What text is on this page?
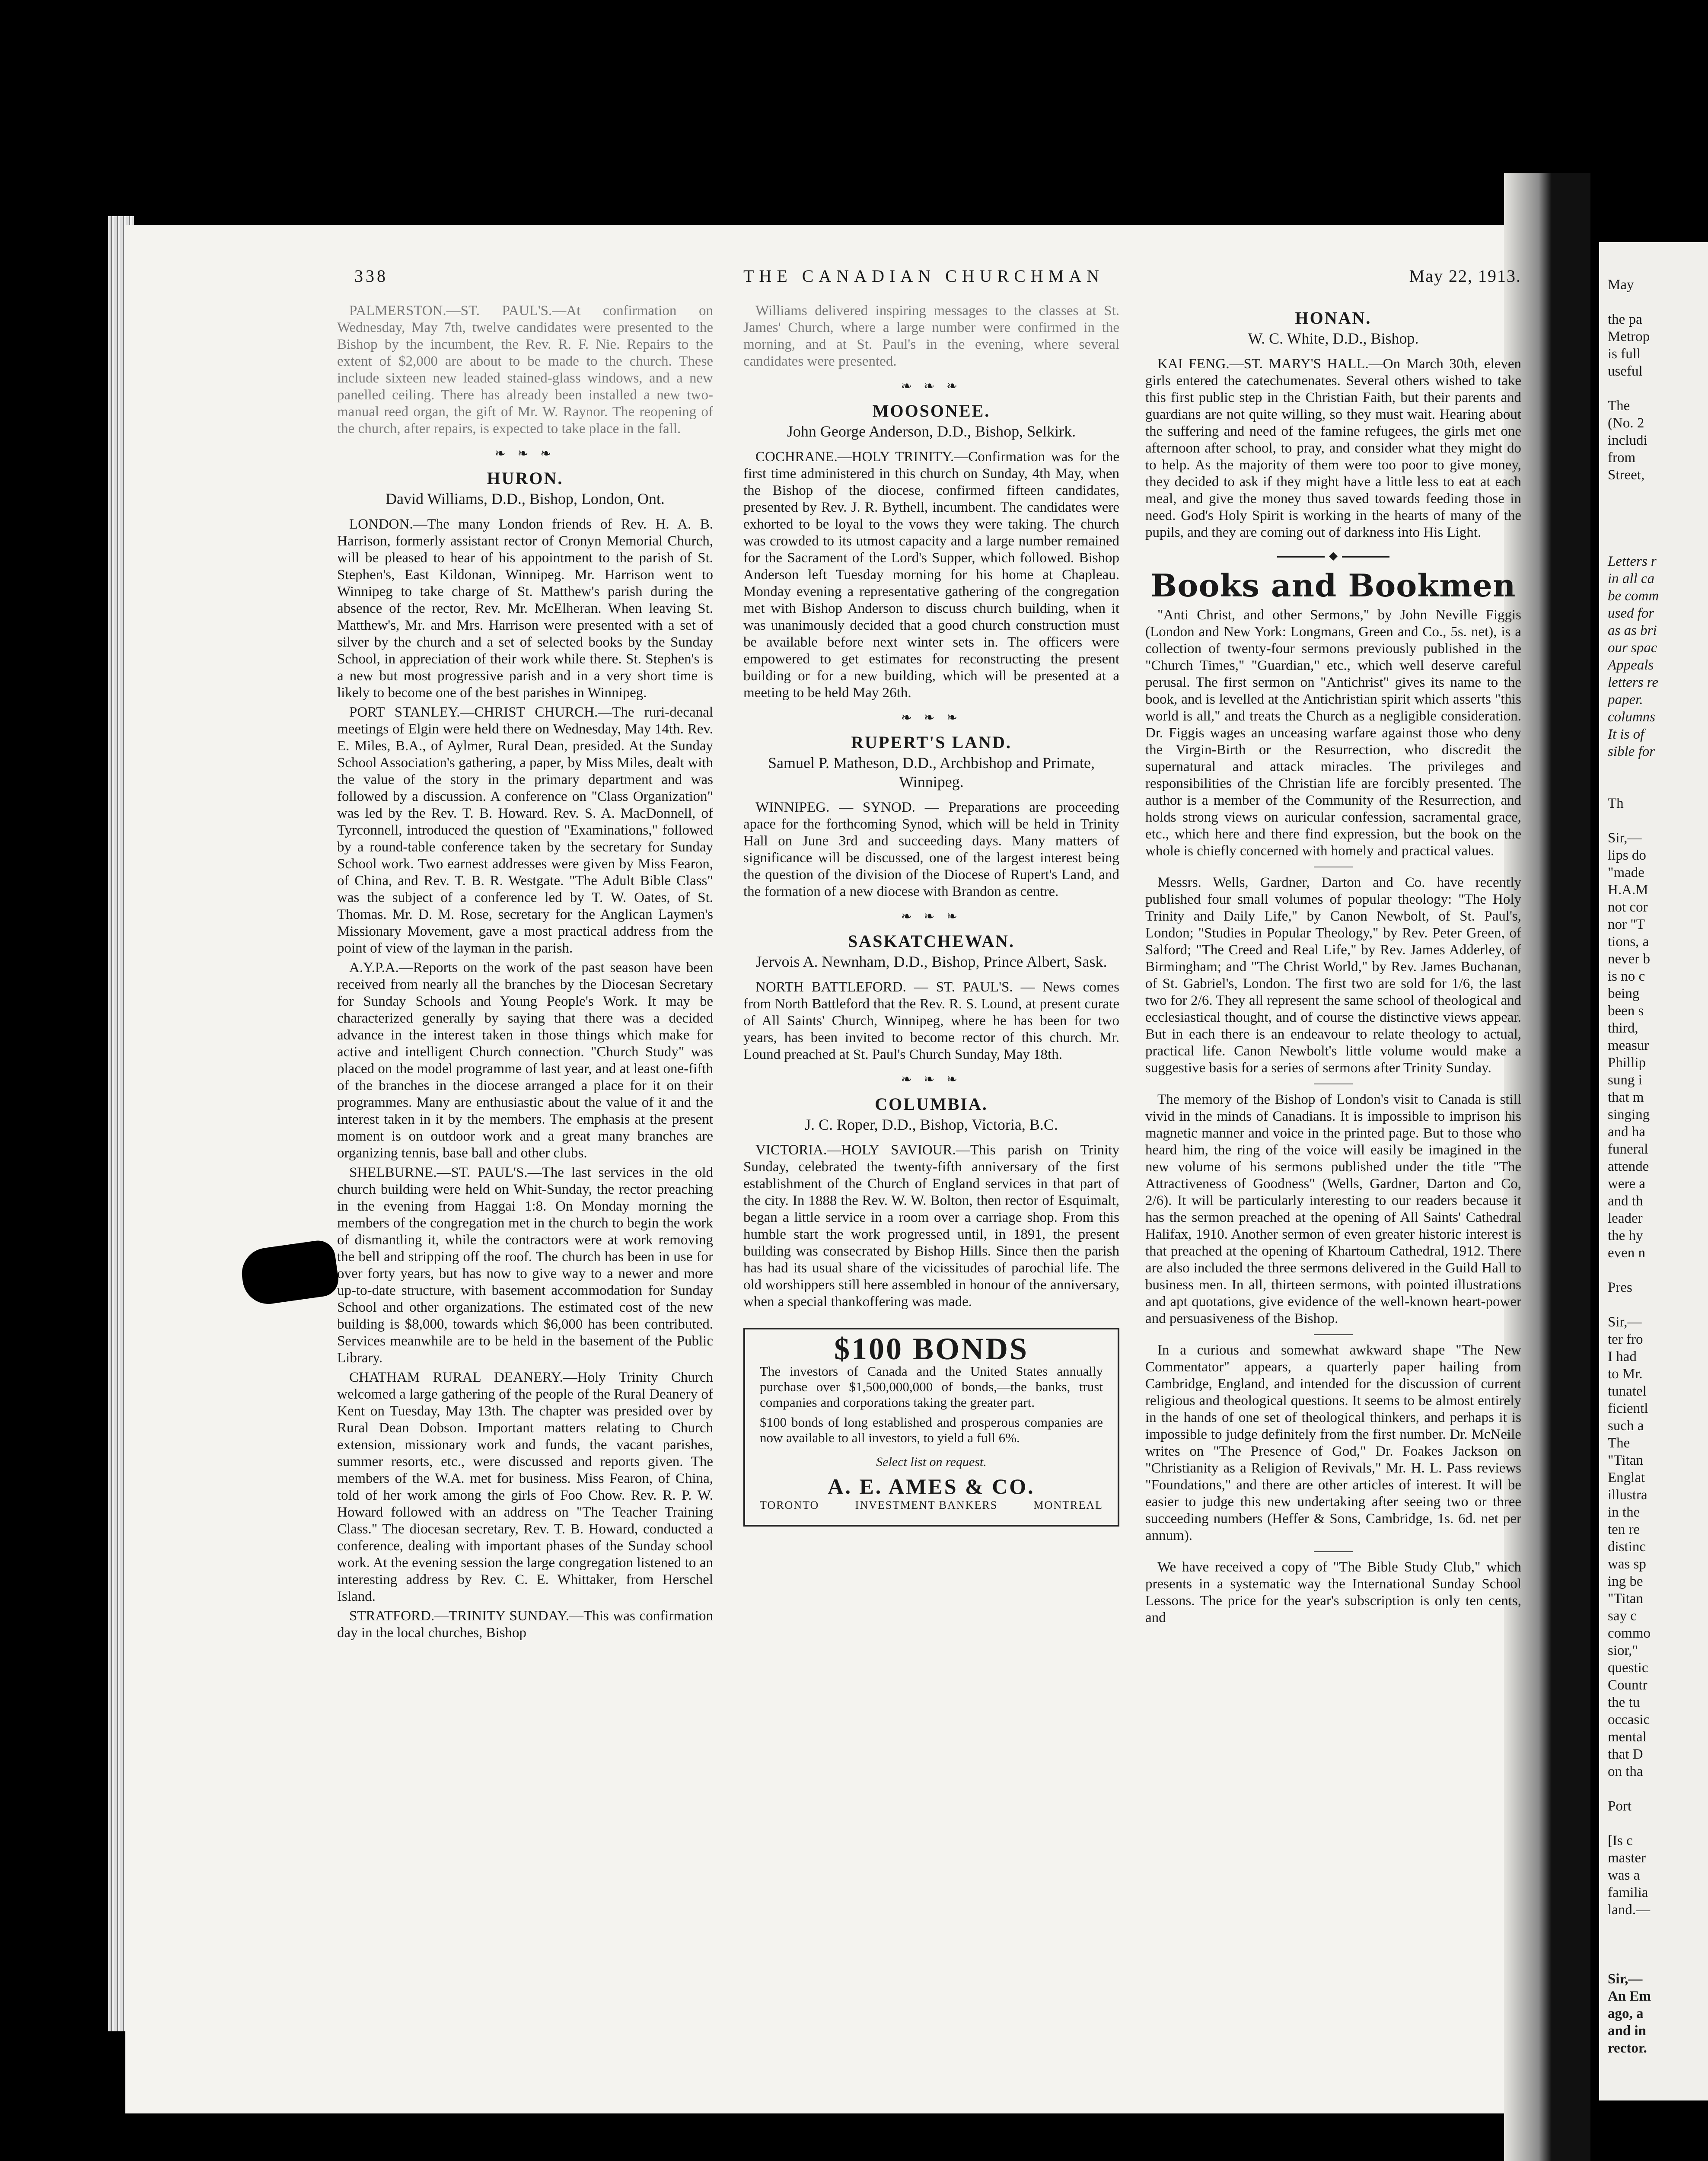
338	THE CANADIAN CHURCHMAN	May 22, 1913.

PALMERSTON.—ST. PAUL'S.—At confirmation on Wednesday, May 7th, twelve candidates were presented to the Bishop by the incumbent, the Rev. R. F. Nie. Repairs to the extent of $2,000 are about to be made to the church. These include sixteen new leaded stained-glass windows, and a new panelled ceiling. There has already been installed a new two-manual reed organ, the gift of Mr. W. Raynor. The reopening of the church, after repairs, is expected to take place in the fall.

❧ ❧ ❧
HURON.
David Williams, D.D., Bishop, London, Ont.

LONDON.—The many London friends of Rev. H. A. B. Harrison, formerly assistant rector of Cronyn Memorial Church, will be pleased to hear of his appointment to the parish of St. Stephen's, East Kildonan, Winnipeg. Mr. Harrison went to Winnipeg to take charge of St. Matthew's parish during the absence of the rector, Rev. Mr. McElheran. When leaving St. Matthew's, Mr. and Mrs. Harrison were presented with a set of silver by the church and a set of selected books by the Sunday School, in appreciation of their work while there. St. Stephen's is a new but most progressive parish and in a very short time is likely to become one of the best parishes in Winnipeg.

PORT STANLEY.—CHRIST CHURCH.—The ruri-decanal meetings of Elgin were held there on Wednesday, May 14th. Rev. E. Miles, B.A., of Aylmer, Rural Dean, presided. At the Sunday School Association's gathering, a paper, by Miss Miles, dealt with the value of the story in the primary department and was followed by a discussion. A conference on "Class Organization" was led by the Rev. T. B. Howard. Rev. S. A. MacDonnell, of Tyrconnell, introduced the question of "Examinations," followed by a round-table conference taken by the secretary for Sunday School work. Two earnest addresses were given by Miss Fearon, of China, and Rev. T. B. R. Westgate. "The Adult Bible Class" was the subject of a conference led by T. W. Oates, of St. Thomas. Mr. D. M. Rose, secretary for the Anglican Laymen's Missionary Movement, gave a most practical address from the point of view of the layman in the parish.

A.Y.P.A.—Reports on the work of the past season have been received from nearly all the branches by the Diocesan Secretary for Sunday Schools and Young People's Work. It may be characterized generally by saying that there was a decided advance in the interest taken in those things which make for active and intelligent Church connection. "Church Study" was placed on the model programme of last year, and at least one-fifth of the branches in the diocese arranged a place for it on their programmes. Many are enthusiastic about the value of it and the interest taken in it by the members. The emphasis at the present moment is on outdoor work and a great many branches are organizing tennis, base ball and other clubs.

SHELBURNE.—ST. PAUL'S.—The last services in the old church building were held on Whit-Sunday, the rector preaching in the evening from Haggai 1:8. On Monday morning the members of the congregation met in the church to begin the work of dismantling it, while the contractors were at work removing the bell and stripping off the roof. The church has been in use for over forty years, but has now to give way to a newer and more up-to-date structure, with basement accommodation for Sunday School and other organizations. The estimated cost of the new building is $8,000, towards which $6,000 has been contributed. Services meanwhile are to be held in the basement of the Public Library.

CHATHAM RURAL DEANERY.—Holy Trinity Church welcomed a large gathering of the people of the Rural Deanery of Kent on Tuesday, May 13th. The chapter was presided over by Rural Dean Dobson. Important matters relating to Church extension, missionary work and funds, the vacant parishes, summer resorts, etc., were discussed and reports given. The members of the W.A. met for business. Miss Fearon, of China, told of her work among the girls of Foo Chow. Rev. R. P. W. Howard followed with an address on "The Teacher Training Class." The diocesan secretary, Rev. T. B. Howard, conducted a conference, dealing with important phases of the Sunday school work. At the evening session the large congregation listened to an interesting address by Rev. C. E. Whittaker, from Herschel Island.

STRATFORD.—TRINITY SUNDAY.—This was confirmation day in the local churches, Bishop

Williams delivered inspiring messages to the classes at St. James' Church, where a large number were confirmed in the morning, and at St. Paul's in the evening, where several candidates were presented.

❧ ❧ ❧
MOOSONEE.
John George Anderson, D.D., Bishop, Selkirk.

COCHRANE.—HOLY TRINITY.—Confirmation was for the first time administered in this church on Sunday, 4th May, when the Bishop of the diocese, confirmed fifteen candidates, presented by Rev. J. R. Bythell, incumbent. The candidates were exhorted to be loyal to the vows they were taking. The church was crowded to its utmost capacity and a large number remained for the Sacrament of the Lord's Supper, which followed. Bishop Anderson left Tuesday morning for his home at Chapleau. Monday evening a representative gathering of the congregation met with Bishop Anderson to discuss church building, when it was unanimously decided that a good church construction must be available before next winter sets in. The officers were empowered to get estimates for reconstructing the present building or for a new building, which will be presented at a meeting to be held May 26th.

❧ ❧ ❧
RUPERT'S LAND.
Samuel P. Matheson, D.D., Archbishop and Primate, Winnipeg.

WINNIPEG. — SYNOD. — Preparations are proceeding apace for the forthcoming Synod, which will be held in Trinity Hall on June 3rd and succeeding days. Many matters of significance will be discussed, one of the largest interest being the question of the division of the Diocese of Rupert's Land, and the formation of a new diocese with Brandon as centre.

❧ ❧ ❧
SASKATCHEWAN.
Jervois A. Newnham, D.D., Bishop, Prince Albert, Sask.

NORTH BATTLEFORD. — ST. PAUL'S. — News comes from North Battleford that the Rev. R. S. Lound, at present curate of All Saints' Church, Winnipeg, where he has been for two years, has been invited to become rector of this church. Mr. Lound preached at St. Paul's Church Sunday, May 18th.

❧ ❧ ❧
COLUMBIA.
J. C. Roper, D.D., Bishop, Victoria, B.C.

VICTORIA.—HOLY SAVIOUR.—This parish on Trinity Sunday, celebrated the twenty-fifth anniversary of the first establishment of the Church of England services in that part of the city. In 1888 the Rev. W. W. Bolton, then rector of Esquimalt, began a little service in a room over a carriage shop. From this humble start the work progressed until, in 1891, the present building was consecrated by Bishop Hills. Since then the parish has had its usual share of the vicissitudes of parochial life. The old worshippers still here assembled in honour of the anniversary, when a special thankoffering was made.

$100 BONDS
The investors of Canada and the United States annually purchase over $1,500,000,000 of bonds,—the banks, trust companies and corporations taking the greater part.
$100 bonds of long established and prosperous companies are now available to all investors, to yield a full 6%.
Select list on request.
A. E. AMES & CO.
TORONTO	INVESTMENT BANKERS	MONTREAL
HONAN.
W. C. White, D.D., Bishop.

KAI FENG.—ST. MARY'S HALL.—On March 30th, eleven girls entered the catechumenates. Several others wished to take this first public step in the Christian Faith, but their parents and guardians are not quite willing, so they must wait. Hearing about the suffering and need of the famine refugees, the girls met one afternoon after school, to pray, and consider what they might do to help. As the majority of them were too poor to give money, they decided to ask if they might have a little less to eat at each meal, and give the money thus saved towards feeding those in need. God's Holy Spirit is working in the hearts of many of the pupils, and they are coming out of darkness into His Light.

◆
Books and Bookmen

"Anti Christ, and other Sermons," by John Neville Figgis (London and New York: Longmans, Green and Co., 5s. net), is a collection of twenty-four sermons previously published in the "Church Times," "Guardian," etc., which well deserve careful perusal. The first sermon on "Antichrist" gives its name to the book, and is levelled at the Antichristian spirit which asserts "this world is all," and treats the Church as a negligible consideration. Dr. Figgis wages an unceasing warfare against those who deny the Virgin-Birth or the Resurrection, who discredit the supernatural and attack miracles. The privileges and responsibilities of the Christian life are forcibly presented. The author is a member of the Community of the Resurrection, and holds strong views on auricular confession, sacramental grace, etc., which here and there find expression, but the book on the whole is chiefly concerned with homely and practical values.

Messrs. Wells, Gardner, Darton and Co. have recently published four small volumes of popular theology: "The Holy Trinity and Daily Life," by Canon Newbolt, of St. Paul's, London; "Studies in Popular Theology," by Rev. Peter Green, of Salford; "The Creed and Real Life," by Rev. James Adderley, of Birmingham; and "The Christ World," by Rev. James Buchanan, of St. Gabriel's, London. The first two are sold for 1/6, the last two for 2/6. They all represent the same school of theological and ecclesiastical thought, and of course the distinctive views appear. But in each there is an endeavour to relate theology to actual, practical life. Canon Newbolt's little volume would make a suggestive basis for a series of sermons after Trinity Sunday.

The memory of the Bishop of London's visit to Canada is still vivid in the minds of Canadians. It is impossible to imprison his magnetic manner and voice in the printed page. But to those who heard him, the ring of the voice will easily be imagined in the new volume of his sermons published under the title "The Attractiveness of Goodness" (Wells, Gardner, Darton and Co, 2/6). It will be particularly interesting to our readers because it has the sermon preached at the opening of All Saints' Cathedral Halifax, 1910. Another sermon of even greater historic interest is that preached at the opening of Khartoum Cathedral, 1912. There are also included the three sermons delivered in the Guild Hall to business men. In all, thirteen sermons, with pointed illustrations and apt quotations, give evidence of the well-known heart-power and persuasiveness of the Bishop.

In a curious and somewhat awkward shape "The New Commentator" appears, a quarterly paper hailing from Cambridge, England, and intended for the discussion of current religious and theological questions. It seems to be almost entirely in the hands of one set of theological thinkers, and perhaps it is impossible to judge definitely from the first number. Dr. McNeile writes on "The Presence of God," Dr. Foakes Jackson on "Christianity as a Religion of Revivals," Mr. H. L. Pass reviews "Foundations," and there are other articles of interest. It will be easier to judge this new undertaking after seeing two or three succeeding numbers (Heffer & Sons, Cambridge, 1s. 6d. net per annum).

We have received a copy of "The Bible Study Club," which presents in a systematic way the International Sunday School Lessons. The price for the year's subscription is only ten cents, and

May
the pa
Metrop
is full
useful
The
(No. 2
includi
from
Street,
Letters r
in all ca
be comm
used for
as as bri
our spac
Appeals
letters re
paper.
columns
It is of
sible for
Th
Sir,—
lips do
"made
H.A.M
not cor
nor "T
tions, a
never b
is no c
being
been s
third,
measur
Phillip
sung i
that m
singing
and ha
funeral
attende
were a
and th
leader
the hy
even n
Pres
Sir,—
ter fro
I had
to Mr.
tunatel
ficientl
such a
The
"Titan
Englat
illustra
in the
ten re
distinc
was sp
ing be
"Titan
say c
commo
sior,"
questic
Countr
the tu
occasic
mental
that D
on tha
Port
[Is c
master
was a
familia
land.—
Sir,—
An Em
ago, a
and in
rector.
